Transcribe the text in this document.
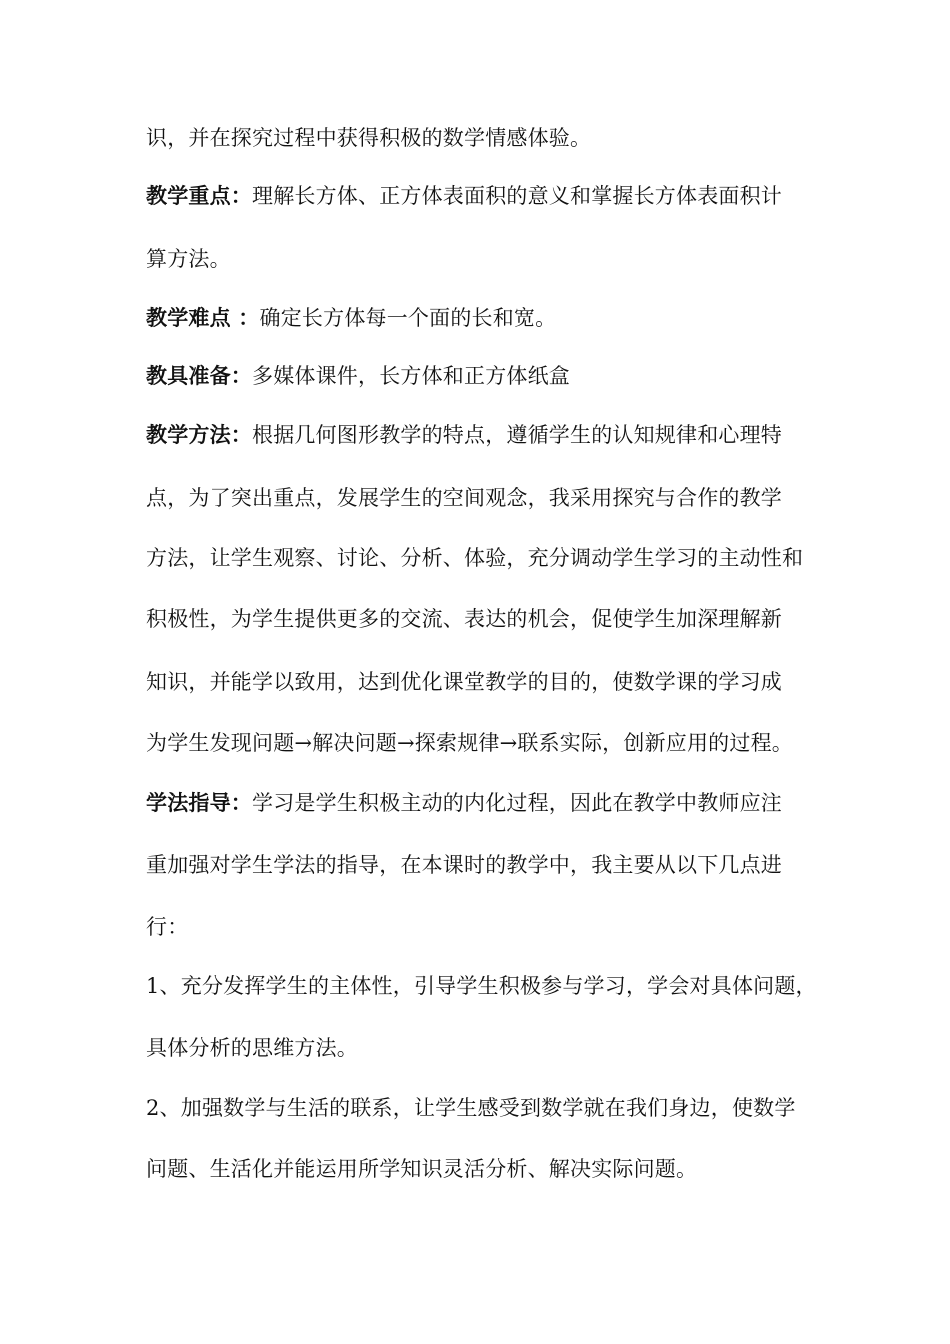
识，并在探究过程中获得积极的数学情感体验。
教学重点：理解长方体、正方体表面积的意义和掌握长方体表面积计
算方法。
教学难点 ：确定长方体每一个面的长和宽。
教具准备：多媒体课件，长方体和正方体纸盒
教学方法：根据几何图形教学的特点，遵循学生的认知规律和心理特
点，为了突出重点，发展学生的空间观念，我采用探究与合作的教学
方法，让学生观察、讨论、分析、体验，充分调动学生学习的主动性和
积极性，为学生提供更多的交流、表达的机会，促使学生加深理解新
知识，并能学以致用，达到优化课堂教学的目的，使数学课的学习成
为学生发现问题→解决问题→探索规律→联系实际，创新应用的过程。
学法指导：学习是学生积极主动的内化过程，因此在教学中教师应注
重加强对学生学法的指导，在本课时的教学中，我主要从以下几点进
行：
1、充分发挥学生的主体性，引导学生积极参与学习，学会对具体问题，
具体分析的思维方法。
2、加强数学与生活的联系，让学生感受到数学就在我们身边，使数学
问题、生活化并能运用所学知识灵活分析、解决实际问题。
